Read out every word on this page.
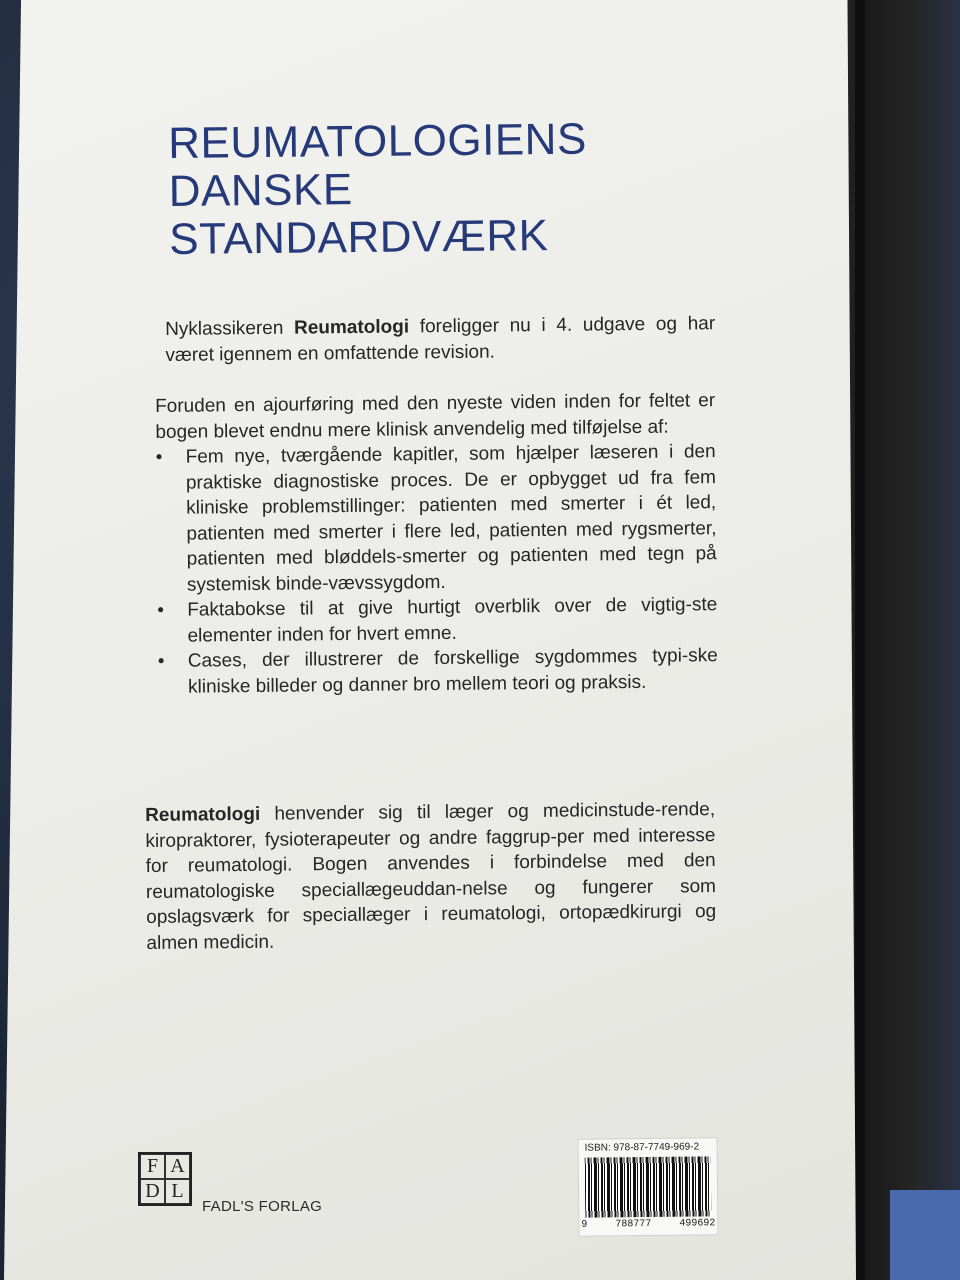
REUMATOLOGIENS
DANSKE
STANDARDVÆRK

Nyklassikeren Reumatologi foreligger nu i 4. udgave og har været igennem en omfattende revision.

Foruden en ajourføring med den nyeste viden inden for feltet er bogen blevet endnu mere klinisk anvendelig med tilføjelse af:

• Fem nye, tværgående kapitler, som hjælper læseren i den praktiske diagnostiske proces. De er opbygget ud fra fem kliniske problemstillinger: patienten med smerter i ét led, patienten med smerter i flere led, patienten med rygsmerter, patienten med bløddels-smerter og patienten med tegn på systemisk binde-vævssygdom.
• Faktabokse til at give hurtigt overblik over de vigtig-ste elementer inden for hvert emne.
• Cases, der illustrerer de forskellige sygdommes typi-ske kliniske billeder og danner bro mellem teori og praksis.

Reumatologi henvender sig til læger og medicinstude-rende, kiropraktorer, fysioterapeuter og andre faggrup-per med interesse for reumatologi. Bogen anvendes i forbindelse med den reumatologiske speciallægeuddan-nelse og fungerer som opslagsværk for speciallæger i reumatologi, ortopædkirurgi og almen medicin.

F A
D L
FADL'S FORLAG
ISBN: 978-87-7749-969-2
9	788777	499692
